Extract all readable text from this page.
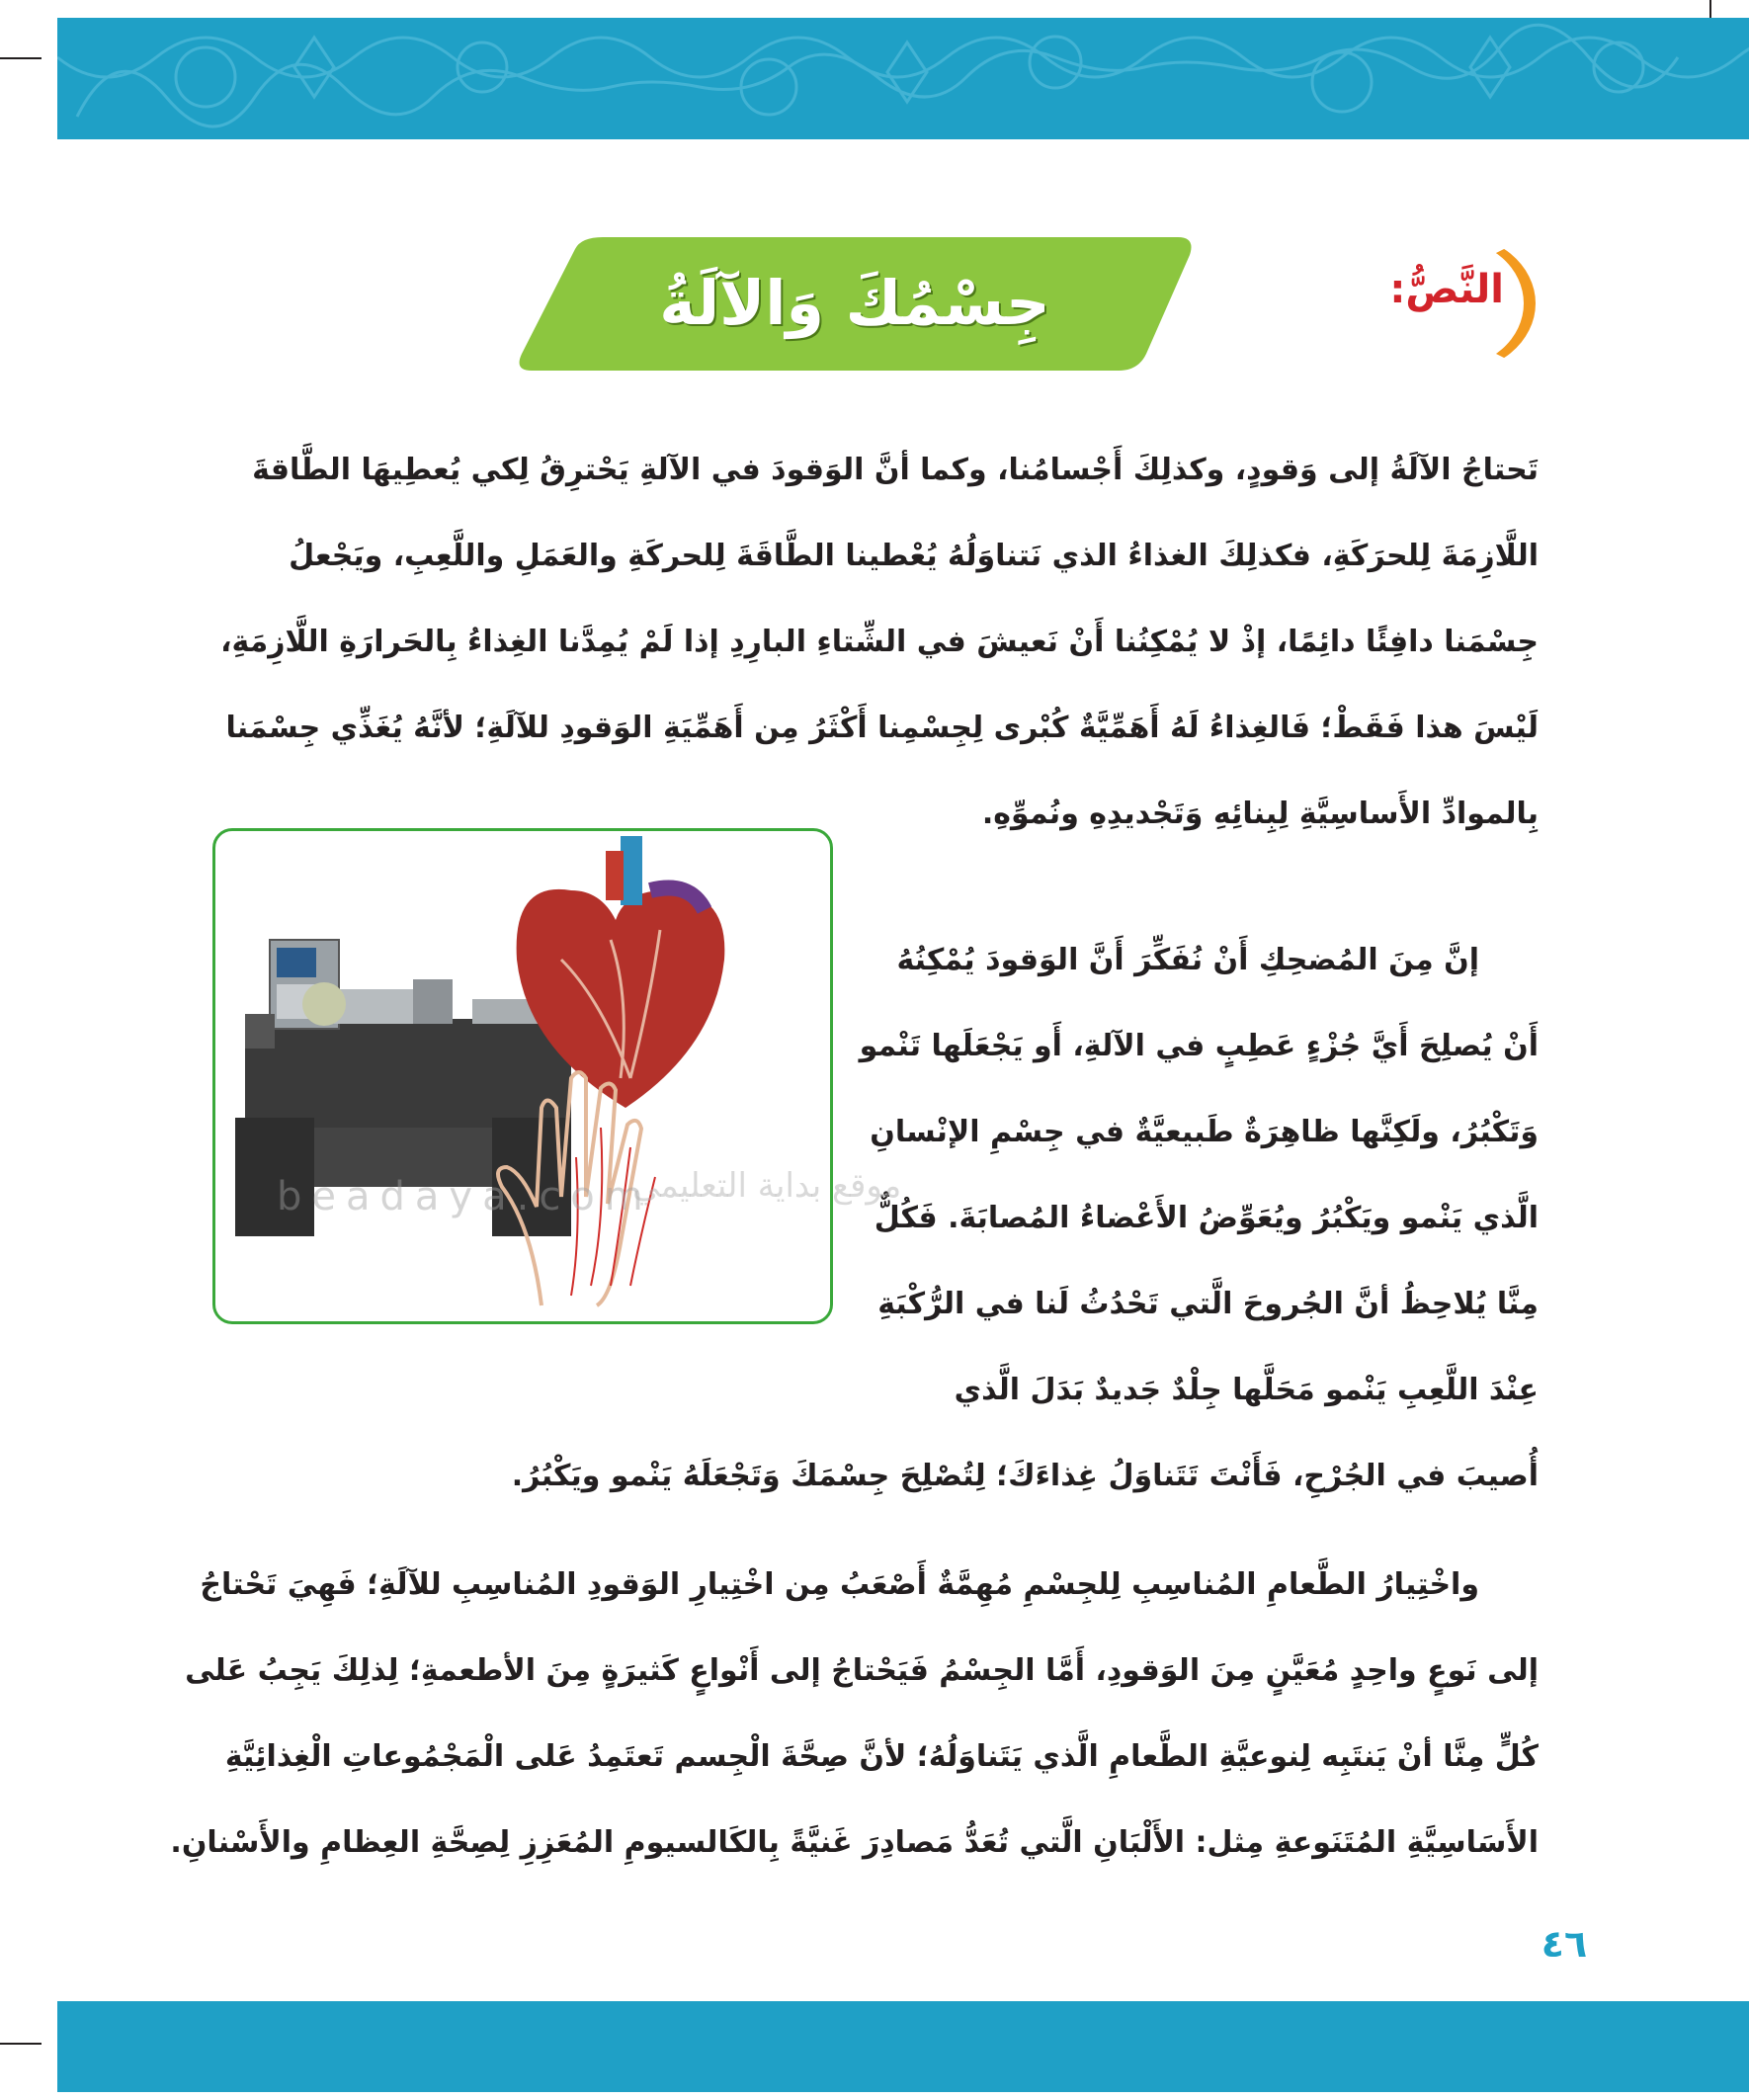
النَّصُّ:
جِسْمُكَ وَالآلَةُ
تَحتاجُ الآلَةُ إلى وَقودٍ، وكذلِكَ أَجْسامُنا، وكما أنَّ الوَقودَ في الآلةِ يَحْترِقُ لِكي يُعطِيهَا الطَّاقةَ
اللَّازِمَةَ لِلحرَكَةِ، فكذلِكَ الغذاءُ الذي نَتناوَلُهُ يُعْطينا الطَّاقَةَ لِلحركَةِ والعَمَلِ واللَّعِبِ، ويَجْعلُ
جِسْمَنا دافِئًا دائِمًا، إذْ لا يُمْكِنُنا أَنْ نَعيشَ في الشِّتاءِ البارِدِ إذا لَمْ يُمِدَّنا الغِذاءُ بِالحَرارَةِ اللَّازِمَةِ،
لَيْسَ هذا فَقَطْ؛ فَالغِذاءُ لَهُ أَهَمِّيَّةٌ كُبْرى لِجِسْمِنا أَكْثَرُ مِن أَهَمِّيَةِ الوَقودِ للآلَةِ؛ لأنَّهُ يُغَذِّي جِسْمَنا
بِالموادِّ الأَساسِيَّةِ لِبِنائِهِ وَتَجْديدِهِ ونُموِّهِ.
إنَّ مِنَ المُضحِكِ أَنْ نُفَكِّرَ أَنَّ الوَقودَ يُمْكِنُهُ
أَنْ يُصلِحَ أَيَّ جُزْءٍ عَطِبٍ في الآلةِ، أَو يَجْعَلَها تَنْمو
وَتَكْبُرُ، ولَكِنَّها ظاهِرَةٌ طَبيعيَّةٌ في جِسْمِ الإنْسانِ
الَّذي يَنْمو ويَكْبُرُ ويُعَوِّضُ الأَعْضاءُ المُصابَةَ. فَكُلٌّ
مِنَّا يُلاحِظُ أنَّ الجُروحَ الَّتي تَحْدُثُ لَنا في الرُّكْبَةِ
عِنْدَ اللَّعِبِ يَنْمو مَحَلَّها جِلْدٌ جَديدٌ بَدَلَ الَّذي
أُصيبَ في الجُرْحِ، فَأَنْتَ تَتَناوَلُ غِذاءَكَ؛ لِتُصْلِحَ جِسْمَكَ وَتَجْعَلَهُ يَنْمو ويَكْبُرُ.
واخْتِيارُ الطَّعامِ المُناسِبِ لِلجِسْمِ مُهِمَّةٌ أَصْعَبُ مِن اخْتِيارِ الوَقودِ المُناسِبِ للآلَةِ؛ فَهِيَ تَحْتاجُ
إلى نَوعٍ واحِدٍ مُعَيَّنٍ مِنَ الوَقودِ، أَمَّا الجِسْمُ فَيَحْتاجُ إلى أَنْواعٍ كَثيرَةٍ مِنَ الأطعمةِ؛ لِذلِكَ يَجِبُ عَلى
كُلٍّ مِنَّا أنْ يَنتَبِه لِنوعيَّةِ الطَّعامِ الَّذي يَتَناوَلُهُ؛ لأنَّ صِحَّةَ الْجِسم تَعتَمِدُ عَلى الْمَجْمُوعاتِ الْغِذائِيَّةِ
الأَسَاسِيَّةِ المُتَنَوعةِ مِثل: الأَلْبَانِ الَّتي تُعَدُّ مَصادِرَ غَنيَّةً بِالكَالسيومِ المُعَزِزِ لِصِحَّةِ العِظامِ والأَسْنانِ.
beadaya.com
موقع بداية التعليمي
٤٦
